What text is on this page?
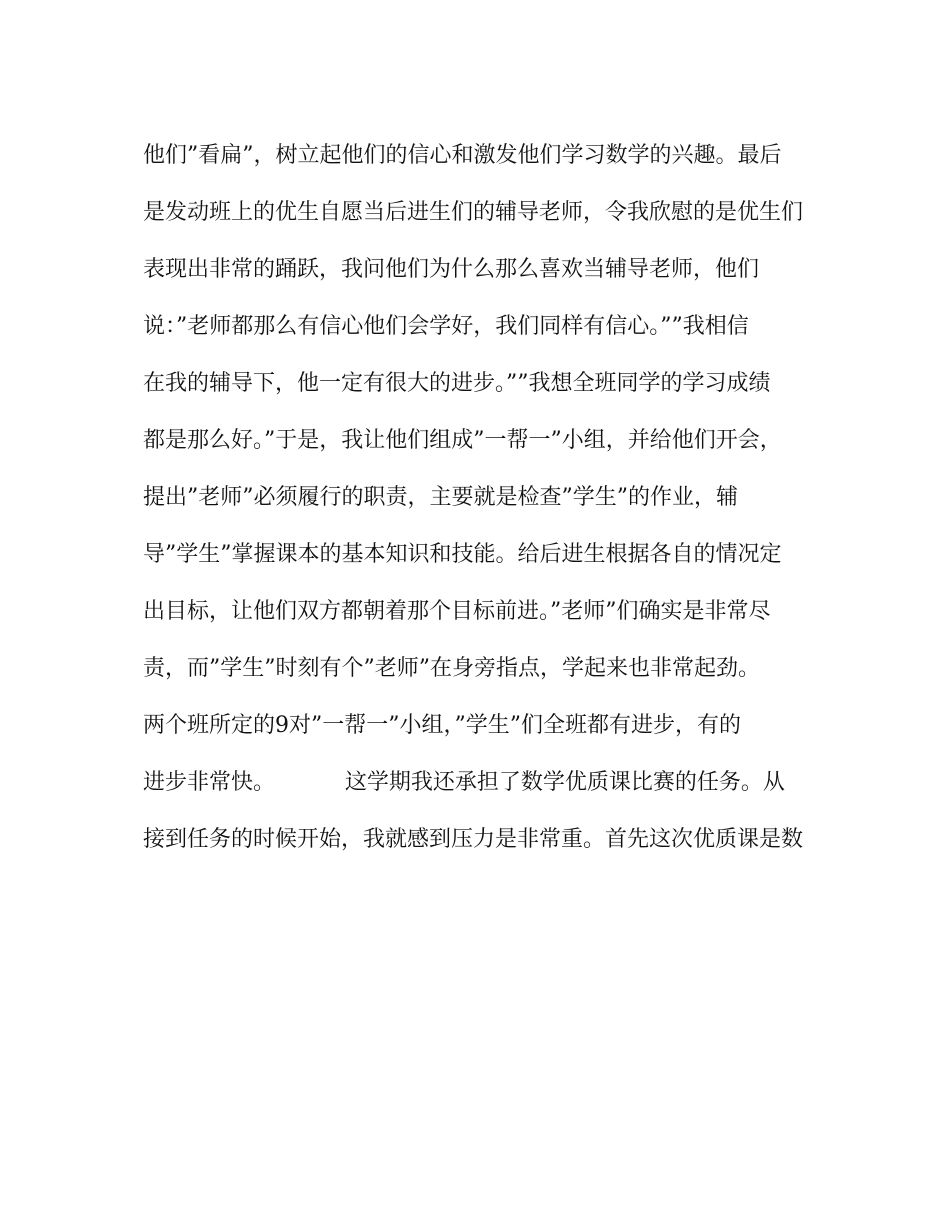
他们”看扁”，树立起他们的信心和激发他们学习数学的兴趣。最后
是发动班上的优生自愿当后进生们的辅导老师，令我欣慰的是优生们
表现出非常的踊跃，我问他们为什么那么喜欢当辅导老师，他们
说：”老师都那么有信心他们会学好，我们同样有信心。””我相信
在我的辅导下，他一定有很大的进步。””我想全班同学的学习成绩
都是那么好。”于是，我让他们组成”一帮一”小组，并给他们开会，
提出”老师”必须履行的职责，主要就是检查”学生”的作业，辅
导”学生”掌握课本的基本知识和技能。给后进生根据各自的情况定
出目标，让他们双方都朝着那个目标前进。”老师”们确实是非常尽
责，而”学生”时刻有个”老师”在身旁指点，学起来也非常起劲。
两个班所定的9对”一帮一”小组，”学生”们全班都有进步，有的
进步非常快。          这学期我还承担了数学优质课比赛的任务。从
接到任务的时候开始，我就感到压力是非常重。首先这次优质课是数
